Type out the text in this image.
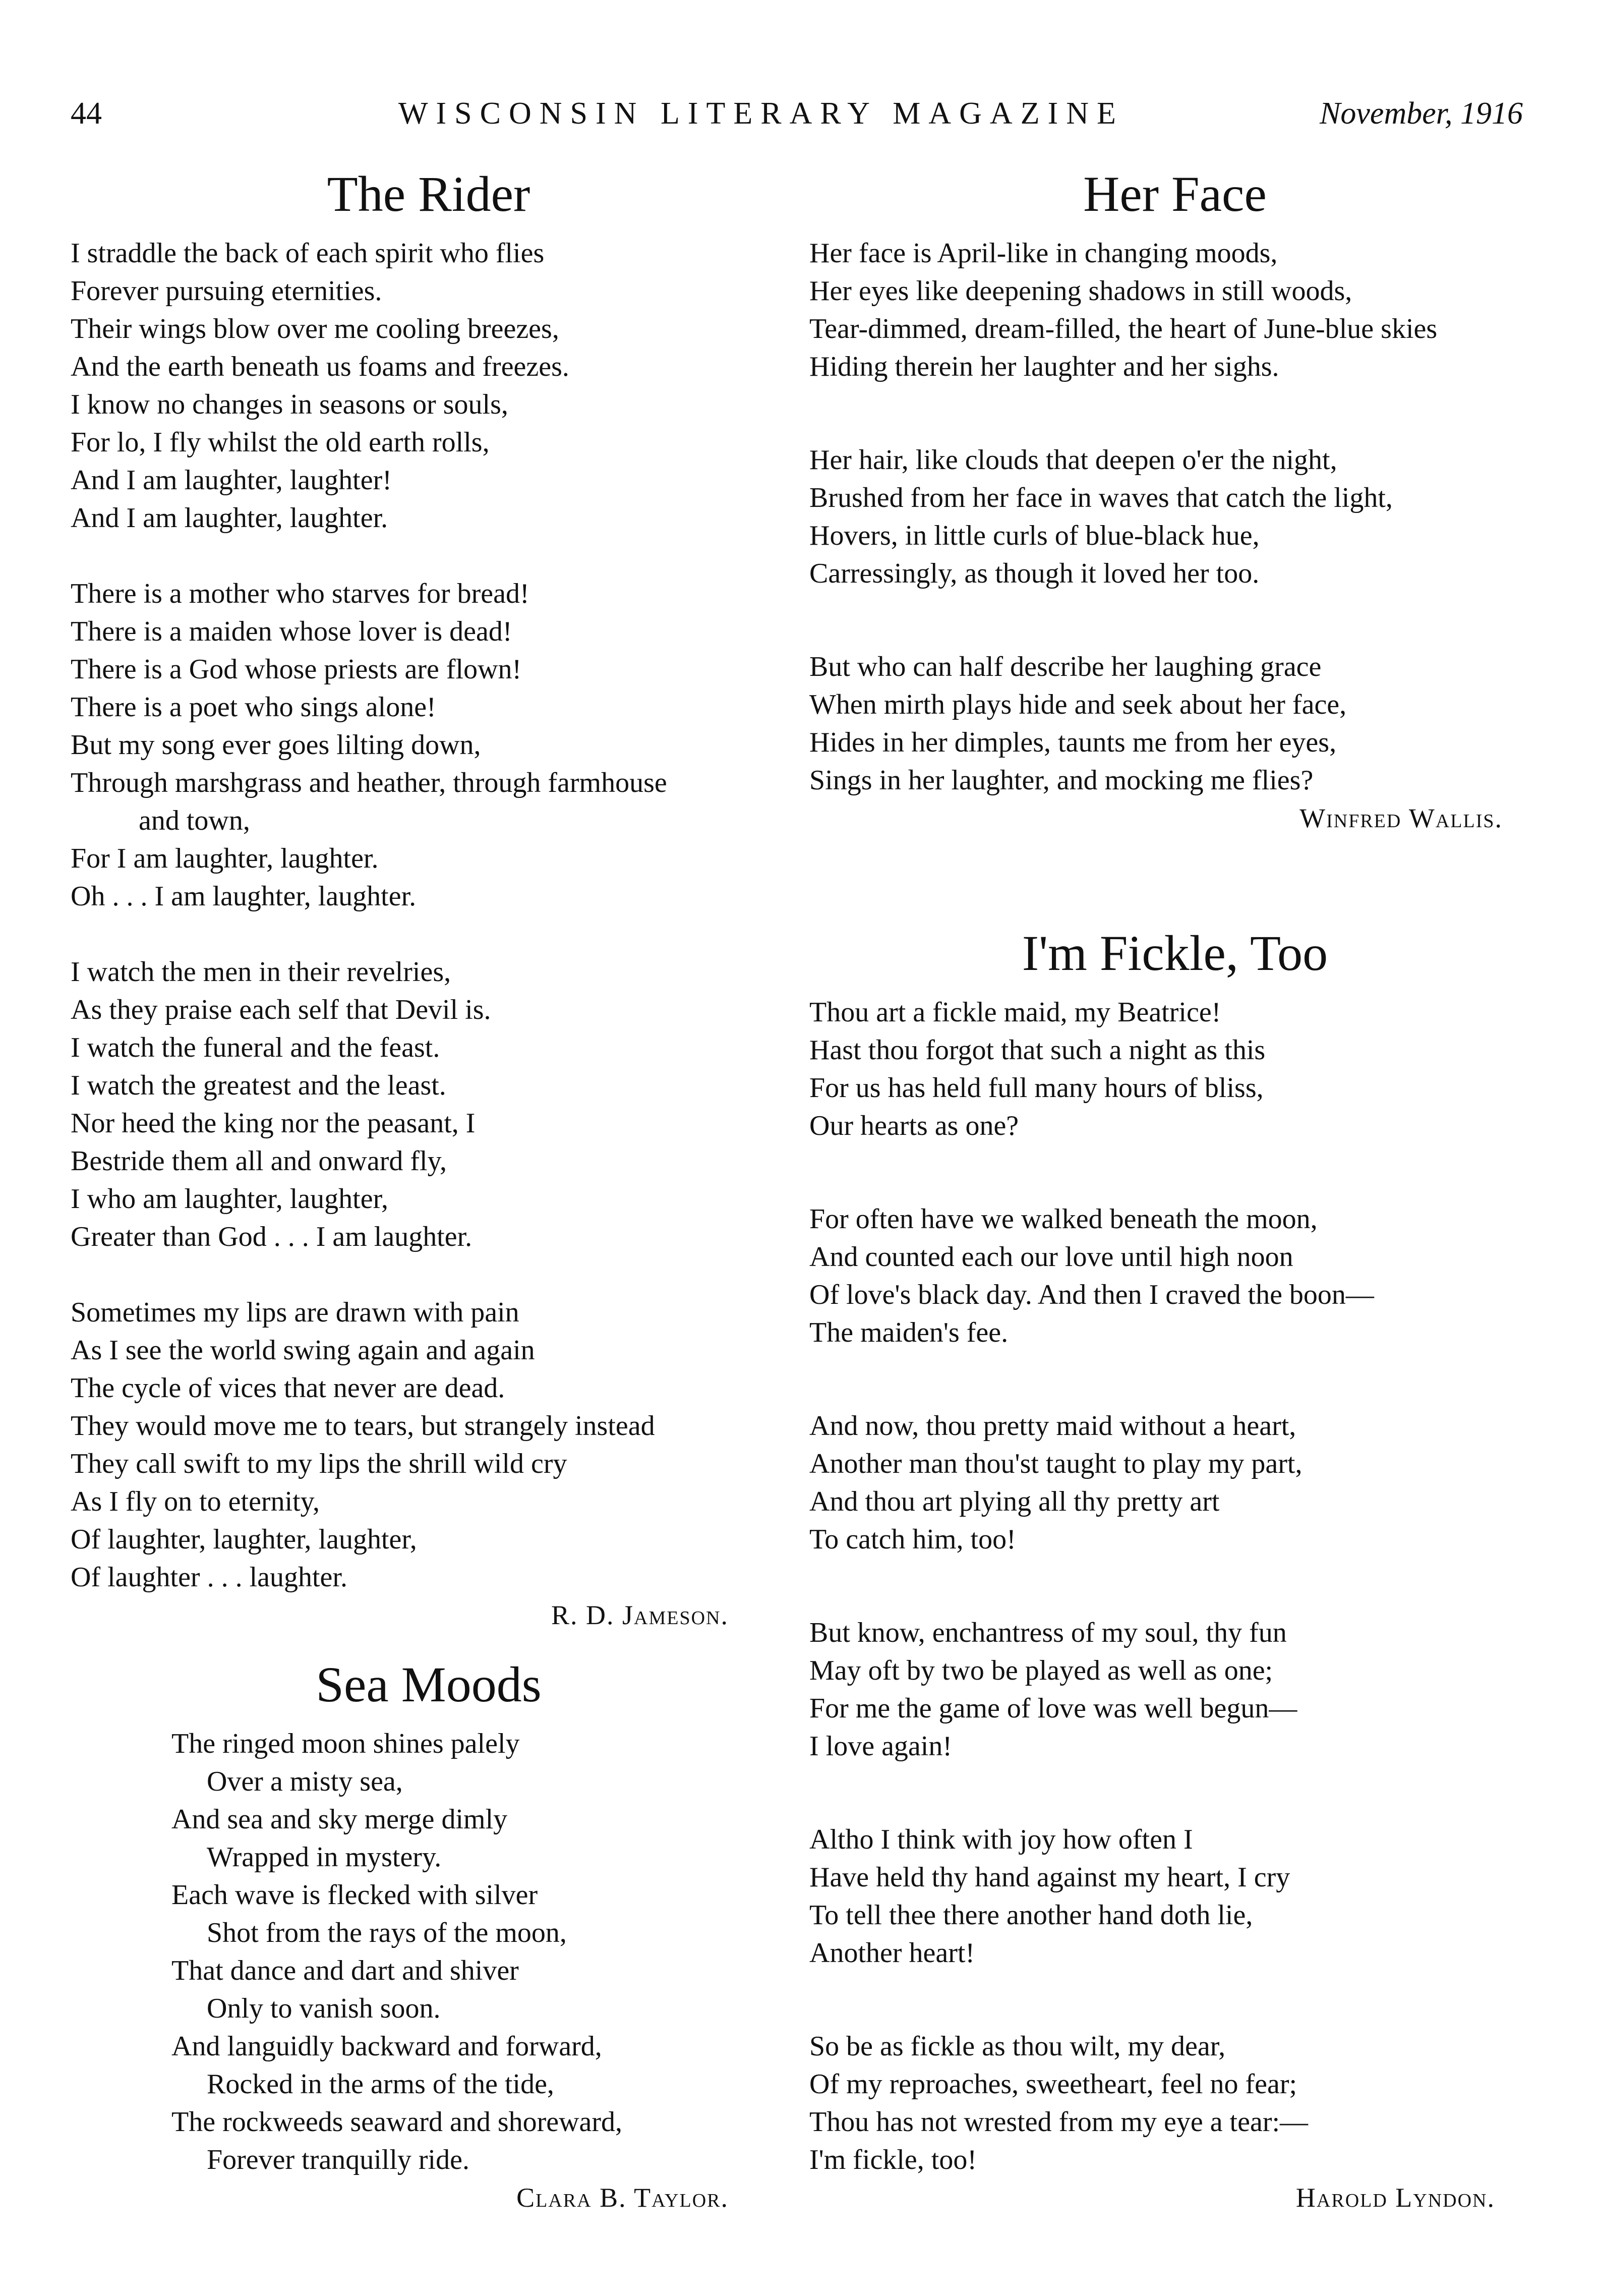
44	WISCONSIN LITERARY MAGAZINE	November, 1916
The Rider
I straddle the back of each spirit who flies
Forever pursuing eternities.
Their wings blow over me cooling breezes,
And the earth beneath us foams and freezes.
I know no changes in seasons or souls,
For lo, I fly whilst the old earth rolls,
And I am laughter, laughter!
And I am laughter, laughter.
There is a mother who starves for bread!
There is a maiden whose lover is dead!
There is a God whose priests are flown!
There is a poet who sings alone!
But my song ever goes lilting down,
Through marshgrass and heather, through farmhouse
and town,
For I am laughter, laughter.
Oh . . . I am laughter, laughter.
I watch the men in their revelries,
As they praise each self that Devil is.
I watch the funeral and the feast.
I watch the greatest and the least.
Nor heed the king nor the peasant, I
Bestride them all and onward fly,
I who am laughter, laughter,
Greater than God . . . I am laughter.
Sometimes my lips are drawn with pain
As I see the world swing again and again
The cycle of vices that never are dead.
They would move me to tears, but strangely instead
They call swift to my lips the shrill wild cry
As I fly on to eternity,
Of laughter, laughter, laughter,
Of laughter . . . laughter.
R. D. Jameson.
Sea Moods
The ringed moon shines palely
Over a misty sea,
And sea and sky merge dimly
Wrapped in mystery.
Each wave is flecked with silver
Shot from the rays of the moon,
That dance and dart and shiver
Only to vanish soon.
And languidly backward and forward,
Rocked in the arms of the tide,
The rockweeds seaward and shoreward,
Forever tranquilly ride.
Clara B. Taylor.
Her Face
Her face is April-like in changing moods,
Her eyes like deepening shadows in still woods,
Tear-dimmed, dream-filled, the heart of June-blue skies
Hiding therein her laughter and her sighs.
Her hair, like clouds that deepen o'er the night,
Brushed from her face in waves that catch the light,
Hovers, in little curls of blue-black hue,
Carressingly, as though it loved her too.
But who can half describe her laughing grace
When mirth plays hide and seek about her face,
Hides in her dimples, taunts me from her eyes,
Sings in her laughter, and mocking me flies?
Winfred Wallis.
I'm Fickle, Too
Thou art a fickle maid, my Beatrice!
Hast thou forgot that such a night as this
For us has held full many hours of bliss,
Our hearts as one?
For often have we walked beneath the moon,
And counted each our love until high noon
Of love's black day. And then I craved the boon—
The maiden's fee.
And now, thou pretty maid without a heart,
Another man thou'st taught to play my part,
And thou art plying all thy pretty art
To catch him, too!
But know, enchantress of my soul, thy fun
May oft by two be played as well as one;
For me the game of love was well begun—
I love again!
Altho I think with joy how often I
Have held thy hand against my heart, I cry
To tell thee there another hand doth lie,
Another heart!
So be as fickle as thou wilt, my dear,
Of my reproaches, sweetheart, feel no fear;
Thou has not wrested from my eye a tear:—
I'm fickle, too!
Harold Lyndon.
